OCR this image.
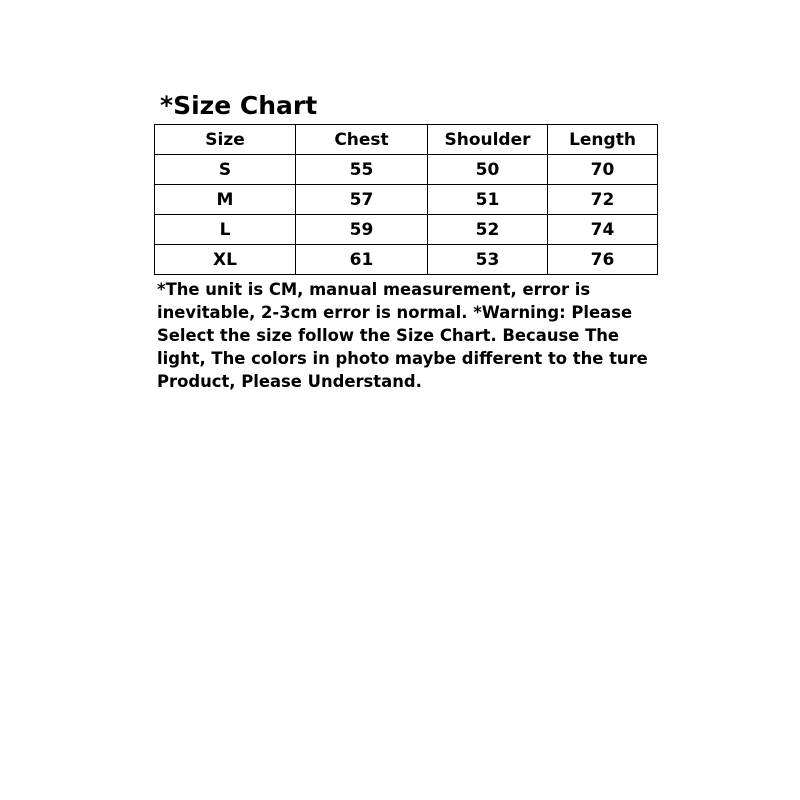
*Size Chart
Size	Chest	Shoulder	Length
S	55	50	70
M	57	51	72
L	59	52	74
XL	61	53	76

*The unit is CM, manual measurement, error is inevitable, 2-3cm error is normal. *Warning: Please Select the size follow the Size Chart. Because The light, The colors in photo maybe different to the ture Product, Please Understand.
